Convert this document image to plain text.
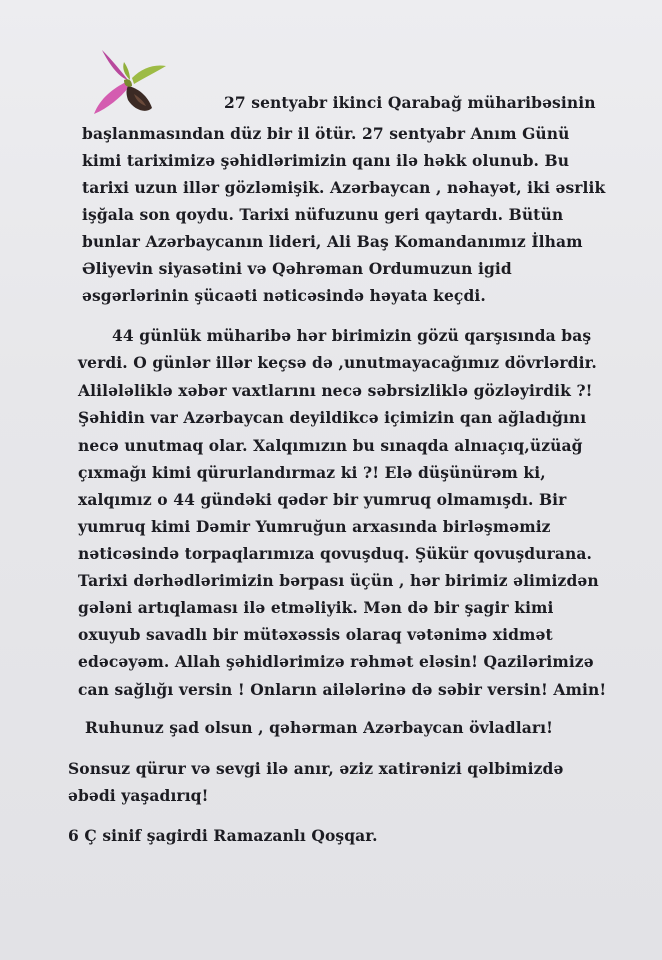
27 sentyabr ikinci Qarabağ müharibəsinin
başlanmasından düz bir il ötür. 27 sentyabr Anım Günü
kimi tariximizə şəhidlərimizin qanı ilə həkk olunub. Bu
tarixi uzun illər gözləmişik. Azərbaycan , nəhayət, iki əsrlik
işğala son qoydu. Tarixi nüfuzunu geri qaytardı. Bütün
bunlar Azərbaycanın lideri, Ali Baş Komandanımız İlham
Əliyevin siyasətini və Qəhrəman Ordumuzun igid
əsgərlərinin şücaəti nəticəsində həyata keçdi.
44 günlük müharibə hər birimizin gözü qarşısında baş
verdi. O günlər illər keçsə də ,unutmayacağımız dövrlərdir.
Alilələliklə xəbər vaxtlarını necə səbrsizliklə gözləyirdik ?!
Şəhidin var Azərbaycan deyildikcə içimizin qan ağladığını
necə unutmaq olar. Xalqımızın bu sınaqda alnıaçıq,üzüağ
çıxmağı kimi qürurlandırmaz ki ?! Elə düşünürəm ki,
xalqımız o 44 gündəki qədər bir yumruq olmamışdı. Bir
yumruq kimi Dəmir Yumruğun arxasında birləşməmiz
nəticəsində torpaqlarımıza qovuşduq. Şükür qovuşdurana.
Tarixi dərhədlərimizin bərpası üçün , hər birimiz əlimizdən
gələni artıqlaması ilə etməliyik. Mən də bir şagir kimi
oxuyub savadlı bir mütəxəssis olaraq vətənimə xidmət
edəcəyəm. Allah şəhidlərimizə rəhmət eləsin! Qazilərimizə
can sağlığı versin ! Onların ailələrinə də səbir versin! Amin!
Ruhunuz şad olsun , qəhərman Azərbaycan övladları!
Sonsuz qürur və sevgi ilə anır, əziz xatirənizi qəlbimizdə
əbədi yaşadırıq!
6 Ç sinif şagirdi Ramazanlı Qoşqar.
